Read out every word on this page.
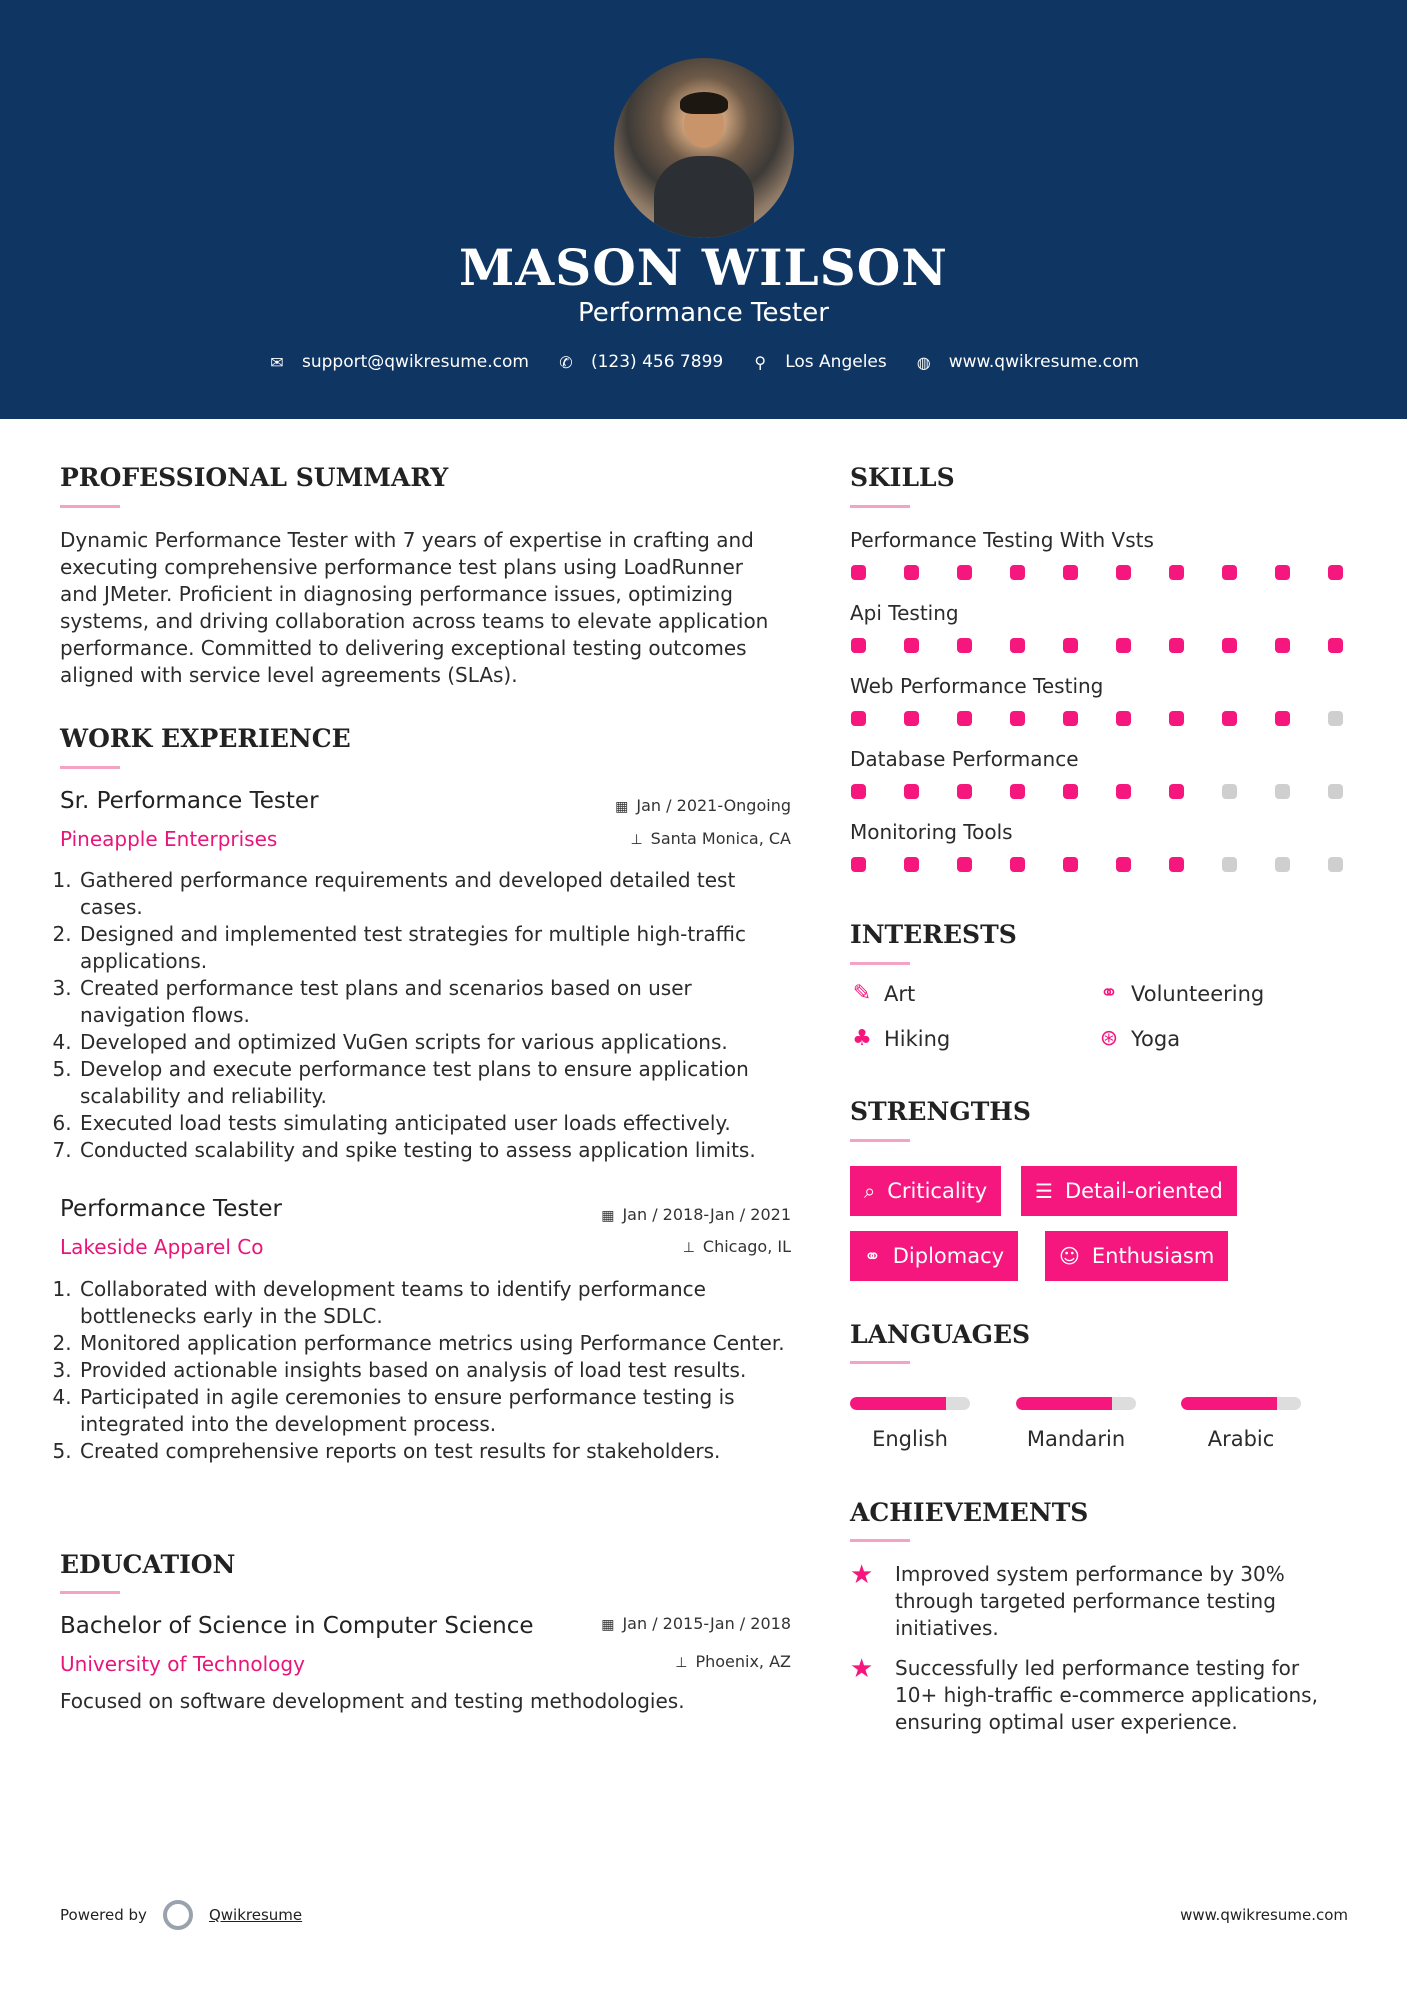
MASON WILSON
Performance Tester
✉ support@qwikresume.com ✆ (123) 456 7899 ⚲ Los Angeles ◍ www.qwikresume.com
PROFESSIONAL SUMMARY
Dynamic Performance Tester with 7 years of expertise in crafting and
executing comprehensive performance test plans using LoadRunner
and JMeter. Proficient in diagnosing performance issues, optimizing
systems, and driving collaboration across teams to elevate application
performance. Committed to delivering exceptional testing outcomes
aligned with service level agreements (SLAs).
WORK EXPERIENCE
Sr. Performance Tester	▦ Jan / 2021-Ongoing
Pineapple Enterprises	⊥ Santa Monica, CA
1. Gathered performance requirements and developed detailed test cases.
2. Designed and implemented test strategies for multiple high-traffic applications.
3. Created performance test plans and scenarios based on user navigation flows.
4. Developed and optimized VuGen scripts for various applications.
5. Develop and execute performance test plans to ensure application scalability and reliability.
6. Executed load tests simulating anticipated user loads effectively.
7. Conducted scalability and spike testing to assess application limits.
Performance Tester	▦ Jan / 2018-Jan / 2021
Lakeside Apparel Co	⊥ Chicago, IL
1. Collaborated with development teams to identify performance bottlenecks early in the SDLC.
2. Monitored application performance metrics using Performance Center.
3. Provided actionable insights based on analysis of load test results.
4. Participated in agile ceremonies to ensure performance testing is integrated into the development process.
5. Created comprehensive reports on test results for stakeholders.
EDUCATION
Bachelor of Science in Computer Science	▦ Jan / 2015-Jan / 2018
University of Technology	⊥ Phoenix, AZ
Focused on software development and testing methodologies.
SKILLS
Performance Testing With Vsts
Api Testing
Web Performance Testing
Database Performance
Monitoring Tools
INTERESTS
✎ Art	⚭ Volunteering
♣ Hiking	⊛ Yoga
STRENGTHS
⌕ Criticality ☰ Detail-oriented
⚭ Diplomacy	☺ Enthusiasm
LANGUAGES
English	Mandarin	Arabic
ACHIEVEMENTS
★ Improved system performance by 30%
through targeted performance testing
initiatives.
★ Successfully led performance testing for
10+ high-traffic e-commerce applications,
ensuring optimal user experience.
Powered by	Qwikresume	www.qwikresume.com
